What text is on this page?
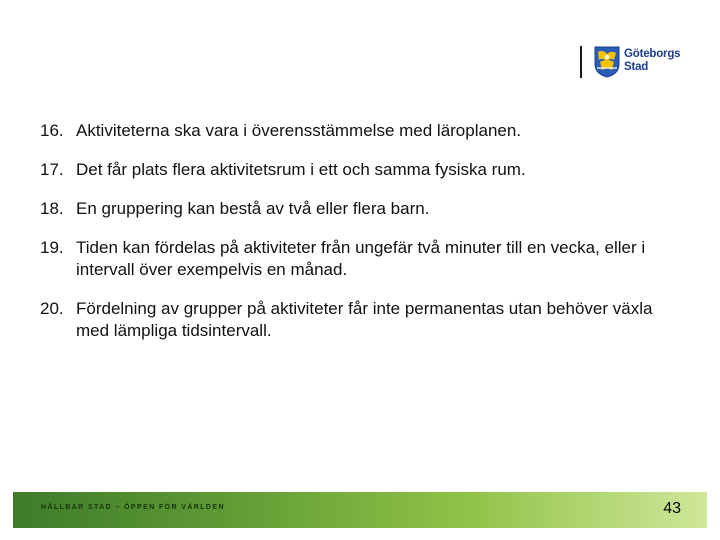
Göteborgs
Stad
16. Aktiviteterna ska vara i överensstämmelse med läroplanen.
17. Det får plats flera aktivitetsrum i ett och samma fysiska rum.
18. En gruppering kan bestå av två eller flera barn.
19. Tiden kan fördelas på aktiviteter från ungefär två minuter till en vecka, eller i intervall över exempelvis en månad.
20. Fördelning av grupper på aktiviteter får inte permanentas utan behöver växla med lämpliga tidsintervall.
HÅLLBAR STAD – ÖPPEN FÖR VÄRLDEN	43
